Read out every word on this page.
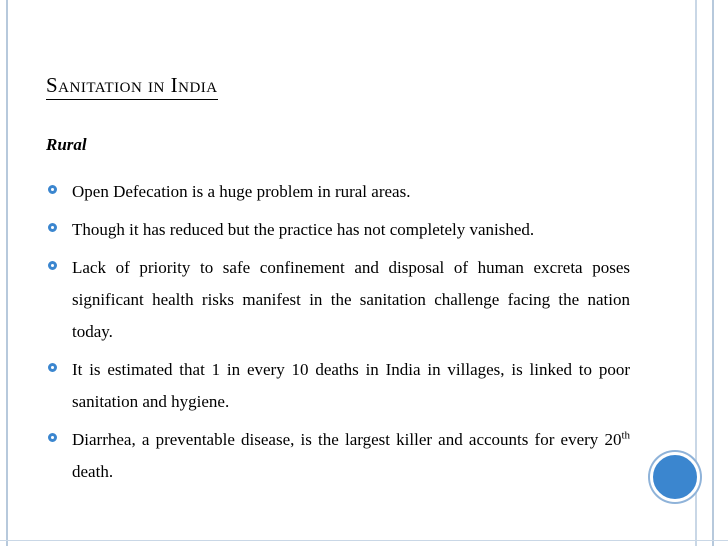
Sanitation in India
Rural
Open Defecation is a huge problem in rural areas.
Though it has reduced but the practice has not completely vanished.
Lack of priority to safe confinement and disposal of human excreta poses significant health risks manifest in the sanitation challenge facing the nation today.
It is estimated that 1 in every 10 deaths in India in villages, is linked to poor sanitation and hygiene.
Diarrhea, a preventable disease, is the largest killer and accounts for every 20th death.
